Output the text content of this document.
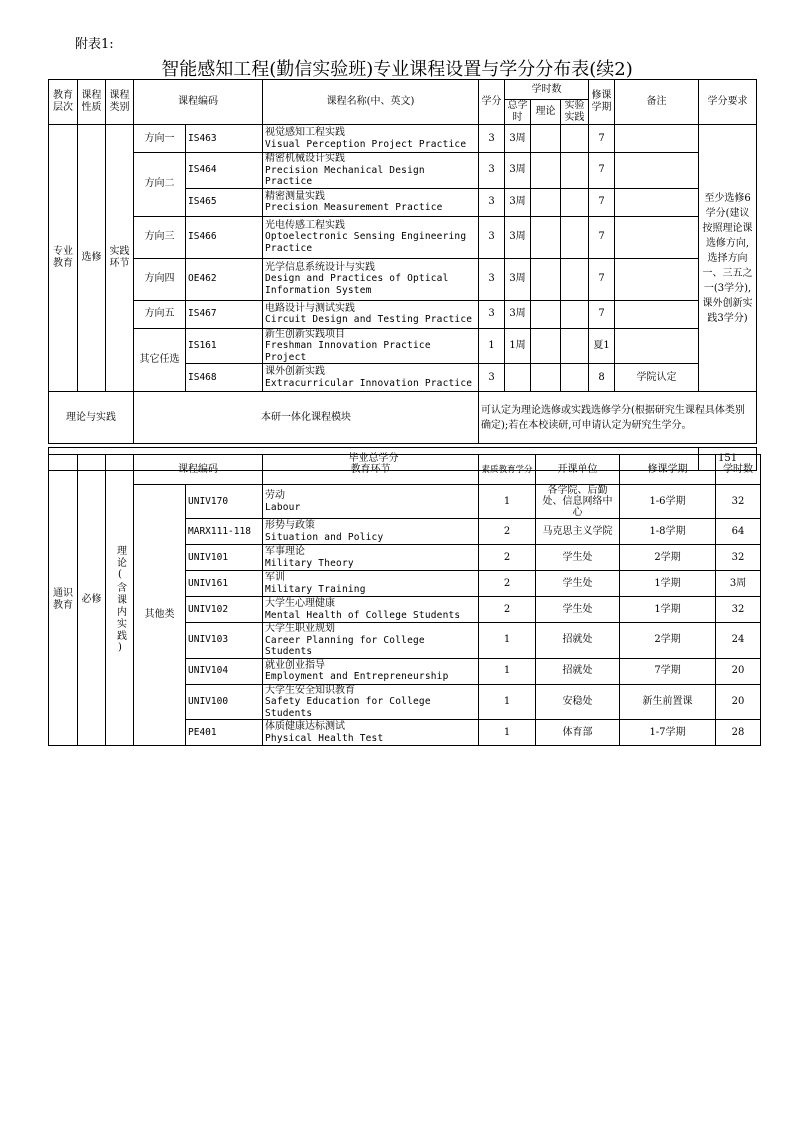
附表1:
智能感知工程(勤信实验班)专业课程设置与学分分布表(续2)
教育层次	课程性质	课程类别	课程编码		课程名称(中、英文)	学分	学时数			修课学期	备注	学分要求
							总学时	理论	实验实践			
专业教育	选修	实践环节	方向一	IS463	视觉感知工程实践
Visual Perception Project Practice	3	3周			7		至少选修6学分(建议按照理论课选修方向,选择方向一、三五之一(3学分),课外创新实践3学分)
			方向二	IS464	精密机械设计实践
Precision Mechanical Design Practice	3	3周			7		
				IS465	精密测量实践
Precision Measurement Practice	3	3周			7		
			方向三	IS466	光电传感工程实践
Optoelectronic Sensing Engineering Practice	3	3周			7		
			方向四	OE462	光学信息系统设计与实践
Design and Practices of Optical Information System	3	3周			7		
			方向五	IS467	电路设计与测试实践
Circuit Design and Testing Practice	3	3周			7		
			其它任选	IS161	新生创新实践项目
Freshman Innovation Practice Project	1	1周			夏1		
				IS468	课外创新实践
Extracurricular Innovation Practice	3				8	学院认定	
理论与实践			本研一体化课程模块			可认定为理论选修或实践选修学分(根据研究生课程具体类别确定);若在本校读研,可申请认定为研究生学分。						

毕业总学分												151
通识教育	必修	理论(含课内实践)	课程编码		教育环节	素质教育学分	开课单位	修课学期	学时数
			其他类	UNIV170	劳动
Labour	1	各学院、后勤处、信息网络中心	1-6学期	32
				MARX111-118	形势与政策
Situation and Policy	2	马克思主义学院	1-8学期	64
				UNIV101	军事理论
Military Theory	2	学生处	2学期	32
				UNIV161	军训
Military Training	2	学生处	1学期	3周
				UNIV102	大学生心理健康
Mental Health of College Students	2	学生处	1学期	32
				UNIV103	大学生职业规划
Career Planning for College Students	1	招就处	2学期	24
				UNIV104	就业创业指导
Employment and Entrepreneurship	1	招就处	7学期	20
				UNIV100	大学生安全知识教育
Safety Education for College Students	1	安稳处	新生前置课	20
				PE401	体质健康达标测试
Physical Health Test	1	体育部	1-7学期	28
